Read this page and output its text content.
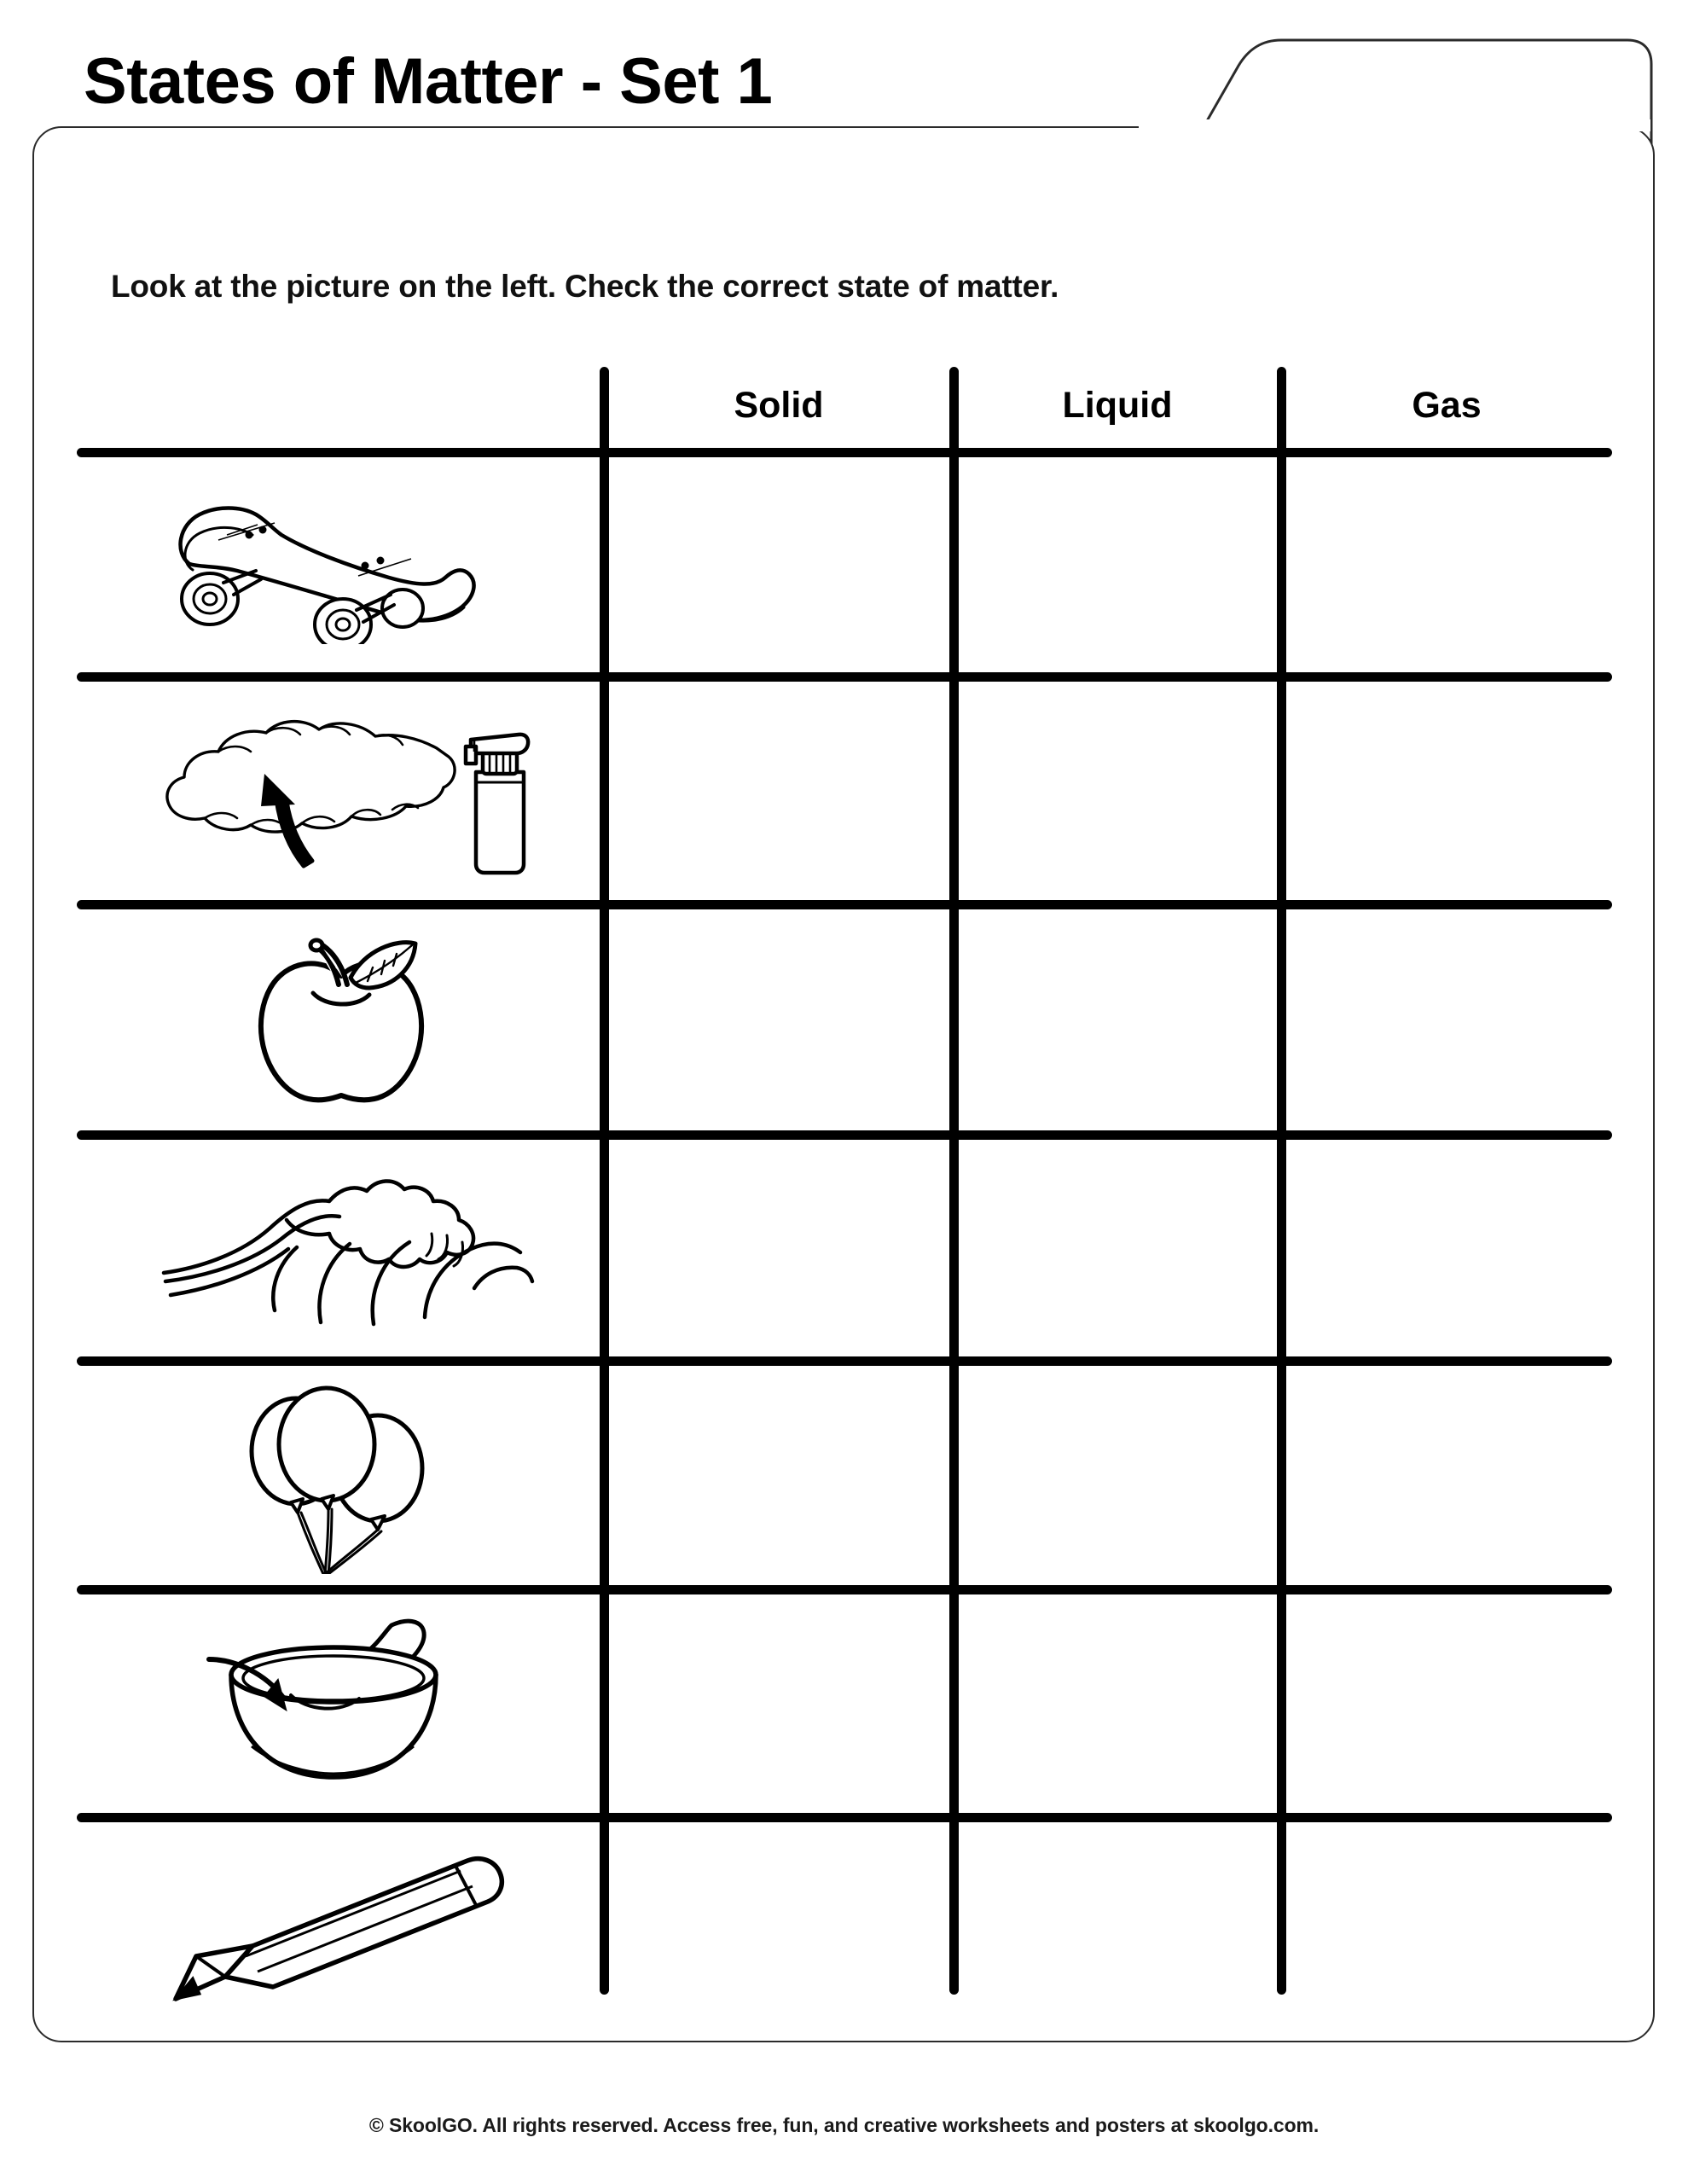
States of Matter - Set 1
Look at the picture on the left. Check the correct state of matter.
Solid	Liquid	Gas
© SkoolGO. All rights reserved. Access free, fun, and creative worksheets and posters at skoolgo.com.
